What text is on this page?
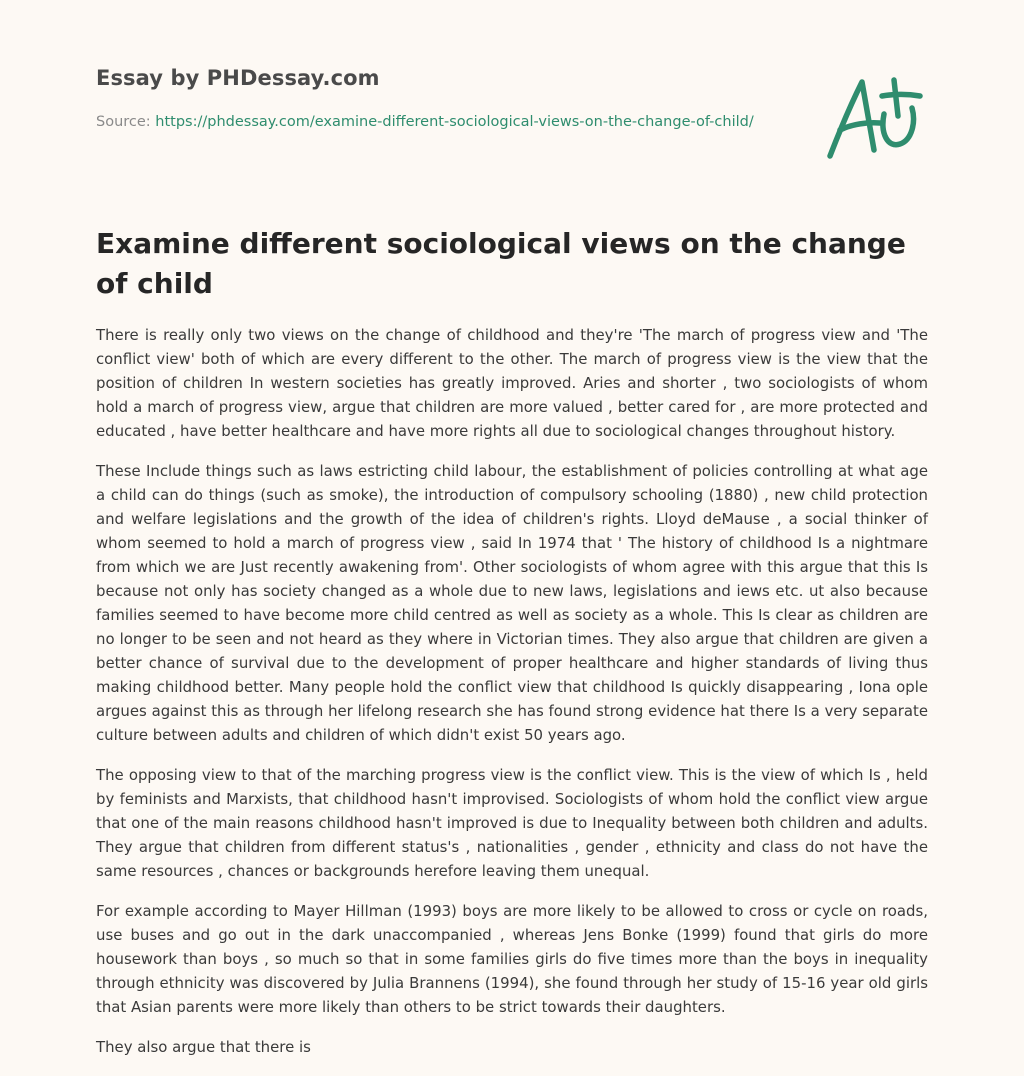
Essay by PHDessay.com
Source: https://phdessay.com/examine-different-sociological-views-on-the-change-of-child/
Examine different sociological views on the change of child

There is really only two views on the change of childhood and they're 'The march of progress view and 'The conflict view' both of which are every different to the other. The march of progress view is the view that the position of children In western societies has greatly improved. Aries and shorter , two sociologists of whom hold a march of progress view, argue that children are more valued , better cared for , are more protected and educated , have better healthcare and have more rights all due to sociological changes throughout history.

These Include things such as laws estricting child labour, the establishment of policies controlling at what age a child can do things (such as smoke), the introduction of compulsory schooling (1880) , new child protection and welfare legislations and the growth of the idea of children's rights. Lloyd deMause , a social thinker of whom seemed to hold a march of progress view , said In 1974 that ' The history of childhood Is a nightmare from which we are Just recently awakening from'. Other sociologists of whom agree with this argue that this Is because not only has society changed as a whole due to new laws, legislations and iews etc. ut also because families seemed to have become more child centred as well as society as a whole. This Is clear as children are no longer to be seen and not heard as they where in Victorian times. They also argue that children are given a better chance of survival due to the development of proper healthcare and higher standards of living thus making childhood better. Many people hold the conflict view that childhood Is quickly disappearing , Iona ople argues against this as through her lifelong research she has found strong evidence hat there Is a very separate culture between adults and children of which didn't exist 50 years ago.

The opposing view to that of the marching progress view is the conflict view. This is the view of which Is , held by feminists and Marxists, that childhood hasn't improvised. Sociologists of whom hold the conflict view argue that one of the main reasons childhood hasn't improved is due to Inequality between both children and adults. They argue that children from different status's , nationalities , gender , ethnicity and class do not have the same resources , chances or backgrounds herefore leaving them unequal.

For example according to Mayer Hillman (1993) boys are more likely to be allowed to cross or cycle on roads, use buses and go out in the dark unaccompanied , whereas Jens Bonke (1999) found that girls do more housework than boys , so much so that in some families girls do five times more than the boys in inequality through ethnicity was discovered by Julia Brannens (1994), she found through her study of 15-16 year old girls that Asian parents were more likely than others to be strict towards their daughters.

They also argue that there is
